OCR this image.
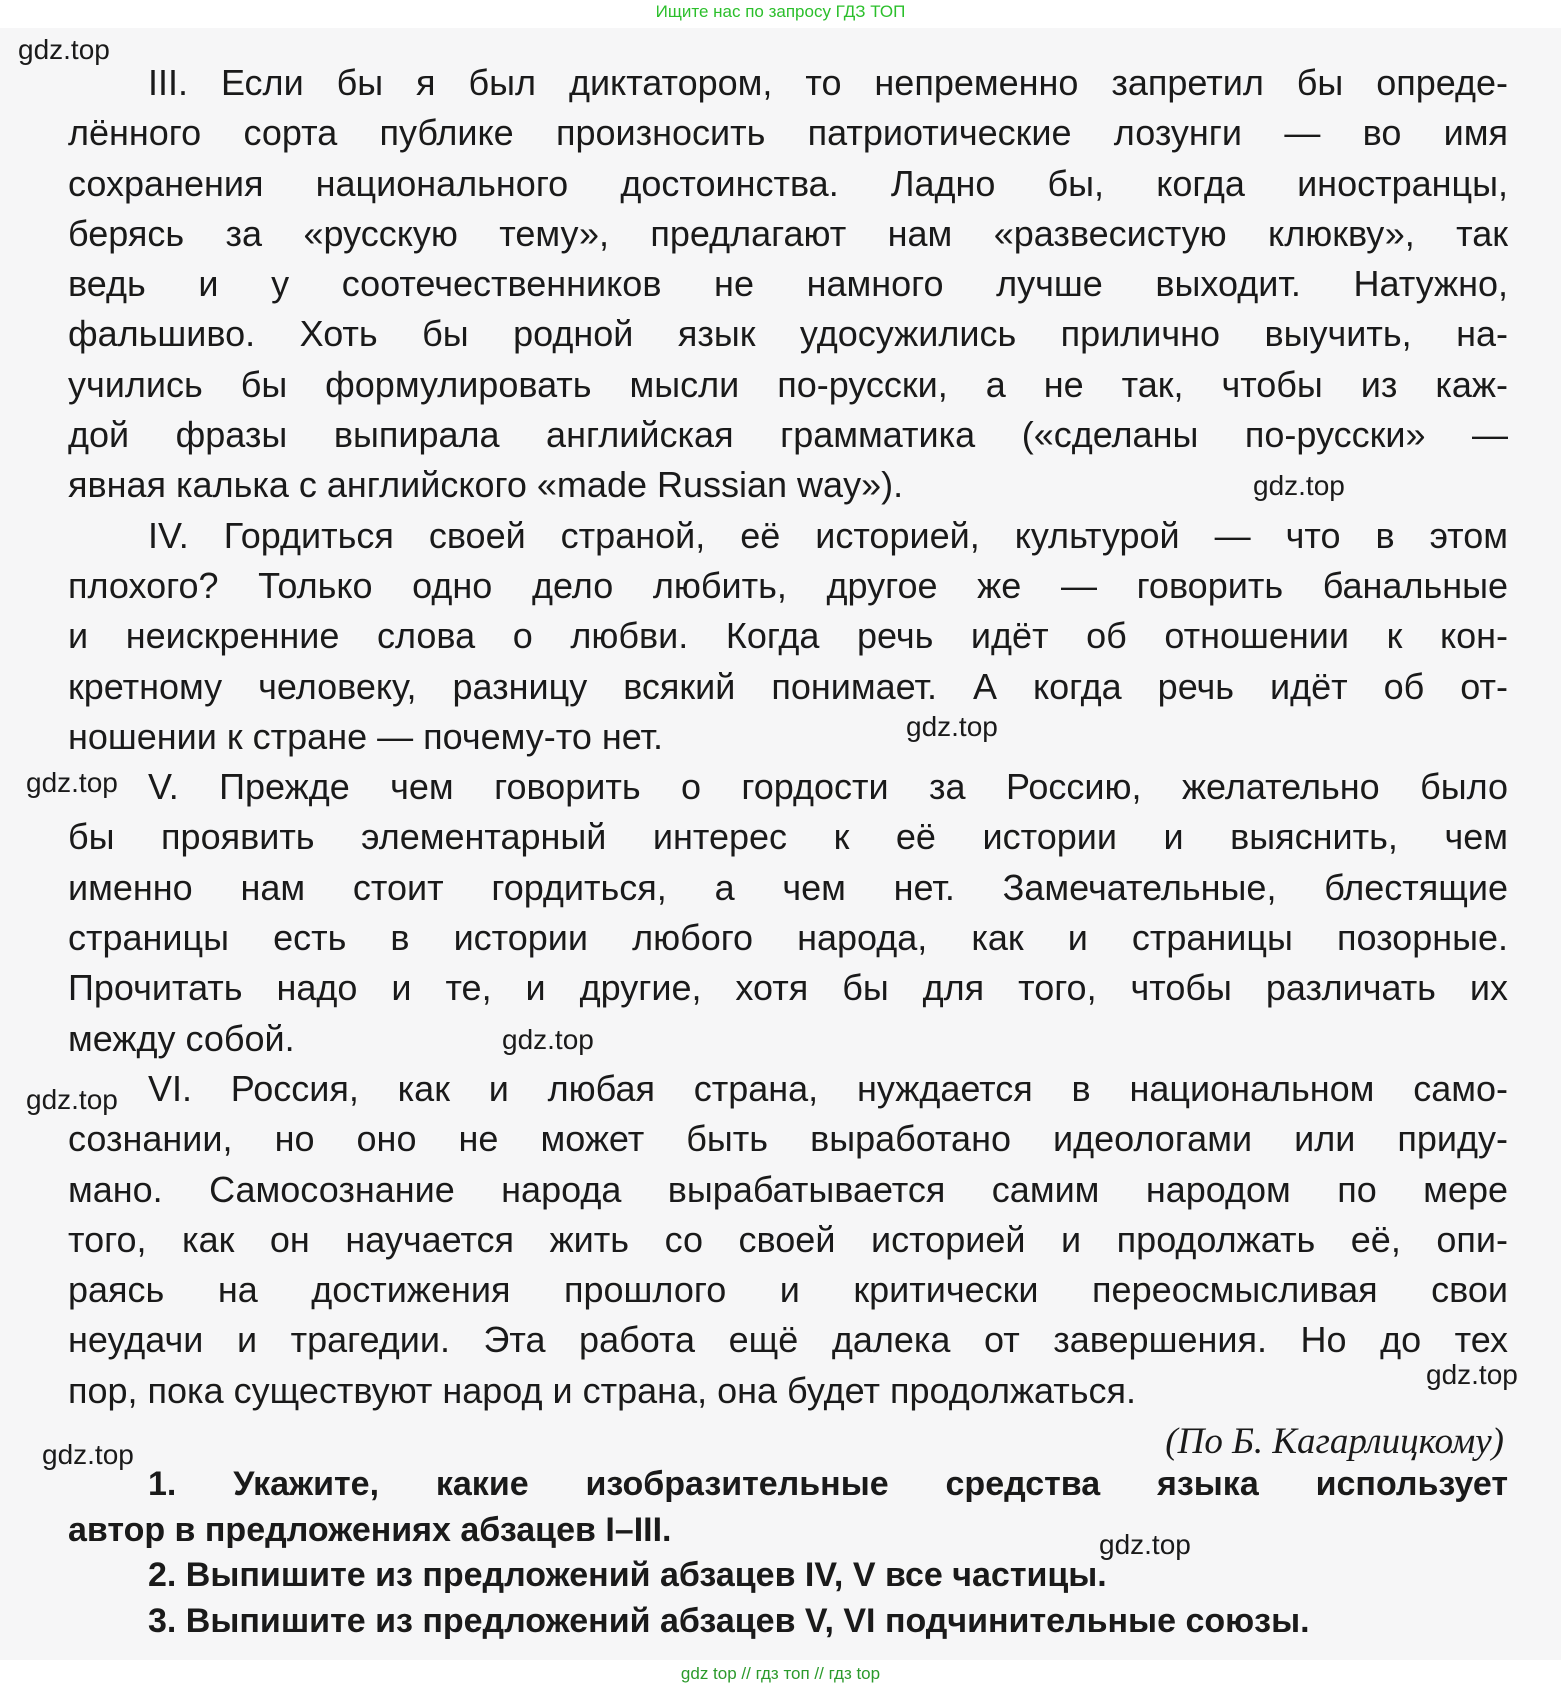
Ищите нас по запросу ГДЗ ТОП
III. Если бы я был диктатором, то непременно запретил бы опреде-
лённого сорта публике произносить патриотические лозунги — во имя
сохранения национального достоинства. Ладно бы, когда иностранцы,
берясь за «русскую тему», предлагают нам «развесистую клюкву», так
ведь и у соотечественников не намного лучше выходит. Натужно,
фальшиво. Хоть бы родной язык удосужились прилично выучить, на-
учились бы формулировать мысли по-русски, а не так, чтобы из каж-
дой фразы выпирала английская грамматика («сделаны по-русски» —
явная калька с английского «made Russian way»).
IV. Гордиться своей страной, её историей, культурой — что в этом
плохого? Только одно дело любить, другое же — говорить банальные
и неискренние слова о любви. Когда речь идёт об отношении к кон-
кретному человеку, разницу всякий понимает. А когда речь идёт об от-
ношении к стране — почему-то нет.
V. Прежде чем говорить о гордости за Россию, желательно было
бы проявить элементарный интерес к её истории и выяснить, чем
именно нам стоит гордиться, а чем нет. Замечательные, блестящие
страницы есть в истории любого народа, как и страницы позорные.
Прочитать надо и те, и другие, хотя бы для того, чтобы различать их
между собой.
VI. Россия, как и любая страна, нуждается в национальном само-
сознании, но оно не может быть выработано идеологами или приду-
мано. Самосознание народа вырабатывается самим народом по мере
того, как он научается жить со своей историей и продолжать её, опи-
раясь на достижения прошлого и критически переосмысливая свои
неудачи и трагедии. Эта работа ещё далека от завершения. Но до тех
пор, пока существуют народ и страна, она будет продолжаться.
(По Б. Кагарлицкому)
1. Укажите, какие изобразительные средства языка использует
автор в предложениях абзацев I–III.
2. Выпишите из предложений абзацев IV, V все частицы.
3. Выпишите из предложений абзацев V, VI подчинительные союзы.
gdz.top
gdz.top
gdz.top
gdz.top
gdz.top
gdz.top
gdz.top
gdz.top
gdz.top
gdz top // гдз топ // гдз top
